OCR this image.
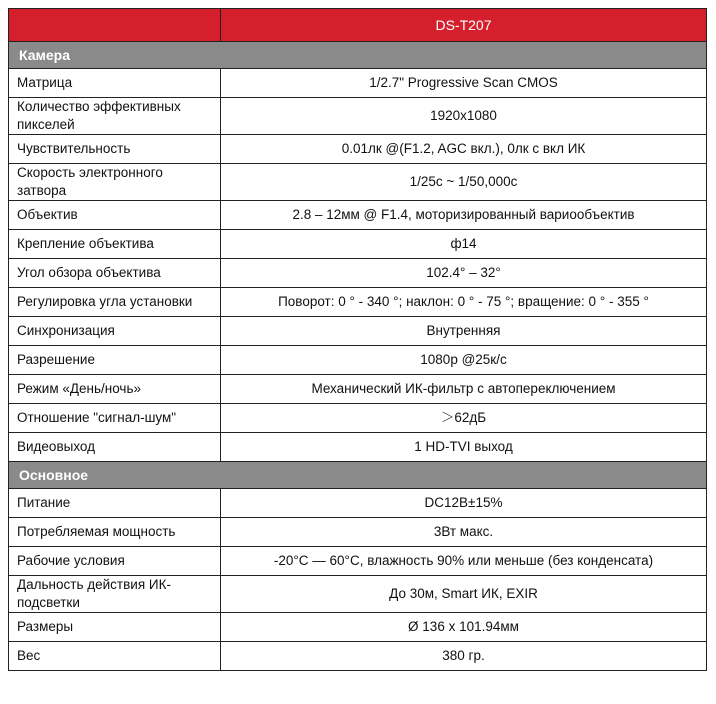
	DS-T207
Камера	
Матрица	1/2.7" Progressive Scan CMOS
Количество эффективных пикселей	1920x1080
Чувствительность	0.01лк @(F1.2, AGC вкл.), 0лк с вкл ИК
Скорость электронного затвора	1/25с ~ 1/50,000с
Объектив	2.8 – 12мм @ F1.4, моторизированный вариообъектив
Крепление объектива	ф14
Угол обзора объектива	102.4° – 32°
Регулировка угла установки	Поворот: 0 ° - 340 °; наклон: 0 ° - 75 °; вращение: 0 ° - 355 °
Синхронизация	Внутренняя
Разрешение	1080p @25к/с
Режим «День/ночь»	Механический ИК-фильтр с автопереключением
Отношение "сигнал-шум"	＞62дБ
Видеовыход	1 HD-TVI выход
Основное	
Питание	DC12В±15%
Потребляемая мощность	3Вт макс.
Рабочие условия	-20°C — 60°C, влажность 90% или меньше (без конденсата)
Дальность действия ИК-подсветки	До 30м, Smart ИК, EXIR
Размеры	Ø 136 x 101.94мм
Вес	380 гр.
